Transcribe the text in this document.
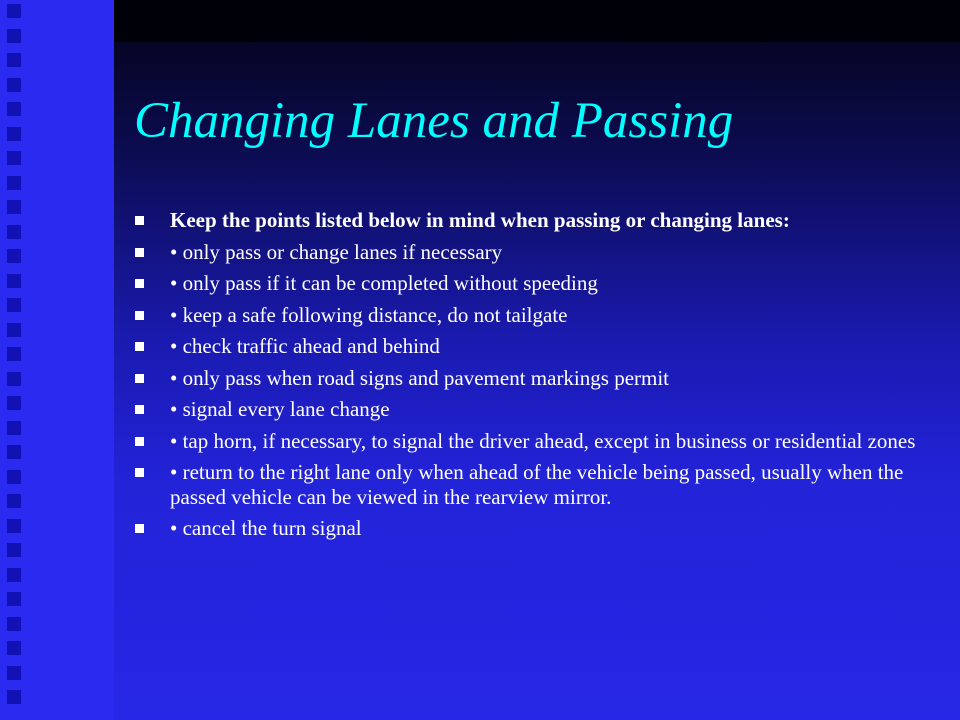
Changing Lanes and Passing
Keep the points listed below in mind when passing or changing lanes:
• only pass or change lanes if necessary
• only pass if it can be completed without speeding
• keep a safe following distance, do not tailgate
• check traffic ahead and behind
• only pass when road signs and pavement markings permit
• signal every lane change
• tap horn, if necessary, to signal the driver ahead, except in business or residential zones
• return to the right lane only when ahead of the vehicle being passed, usually when the passed vehicle can be viewed in the rearview mirror.
• cancel the turn signal
